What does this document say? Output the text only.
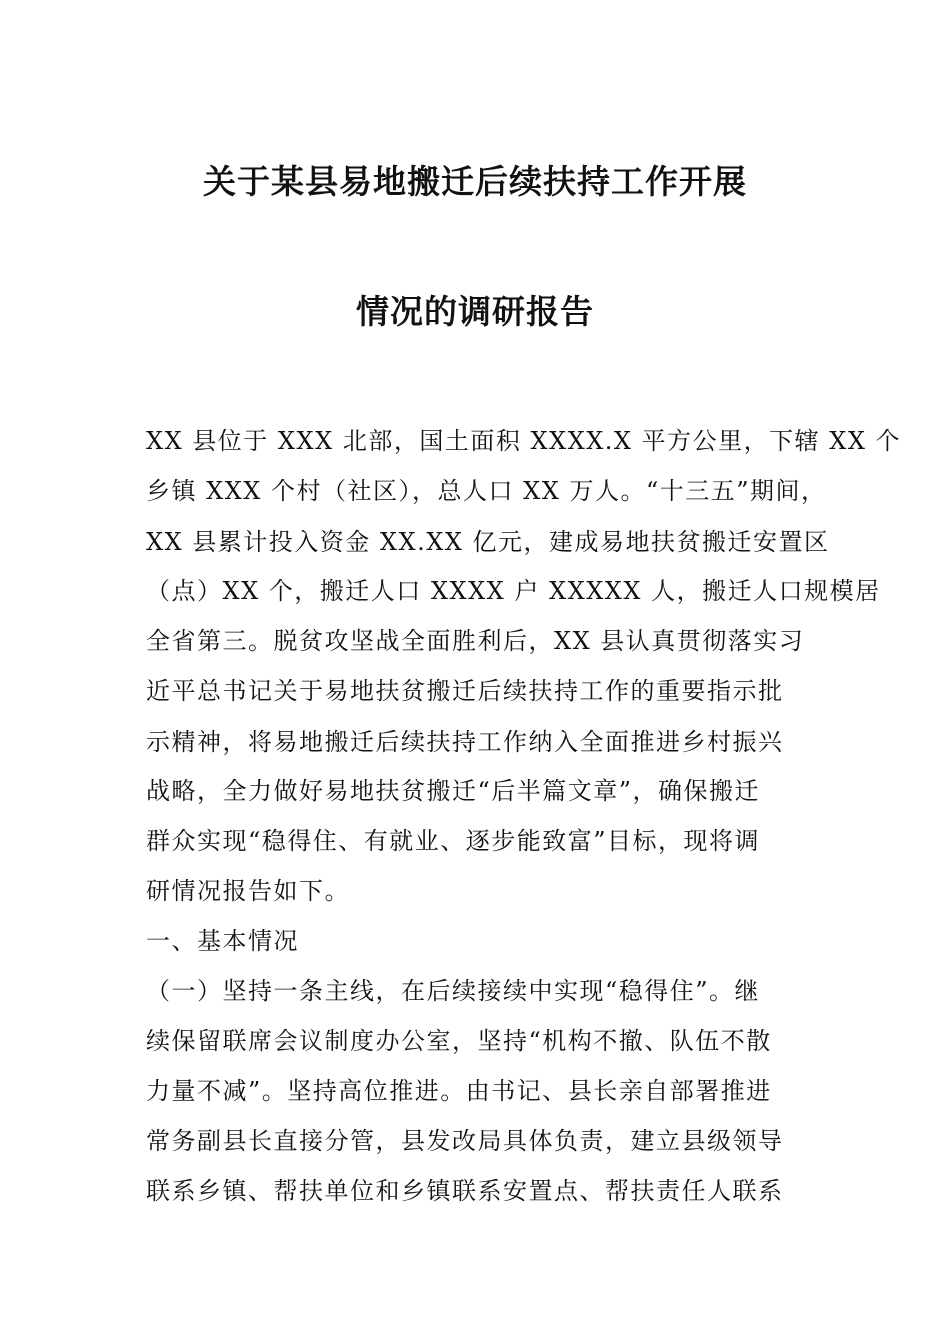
关于某县易地搬迁后续扶持工作开展
情况的调研报告
XX 县位于 XXX 北部，国土面积 XXXX.X 平方公里，下辖 XX 个
乡镇 XXX 个村（社区），总人口 XX 万人。“十三五”期间，
XX 县累计投入资金 XX.XX 亿元，建成易地扶贫搬迁安置区
（点）XX 个，搬迁人口 XXXX 户 XXXXX 人，搬迁人口规模居
全省第三。脱贫攻坚战全面胜利后，XX 县认真贯彻落实习
近平总书记关于易地扶贫搬迁后续扶持工作的重要指示批
示精神，将易地搬迁后续扶持工作纳入全面推进乡村振兴
战略，全力做好易地扶贫搬迁“后半篇文章”，确保搬迁
群众实现“稳得住、有就业、逐步能致富”目标，现将调
研情况报告如下。
一、基本情况
（一）坚持一条主线，在后续接续中实现“稳得住”。继
续保留联席会议制度办公室，坚持“机构不撤、队伍不散
力量不减”。坚持高位推进。由书记、县长亲自部署推进
常务副县长直接分管，县发改局具体负责，建立县级领导
联系乡镇、帮扶单位和乡镇联系安置点、帮扶责任人联系
